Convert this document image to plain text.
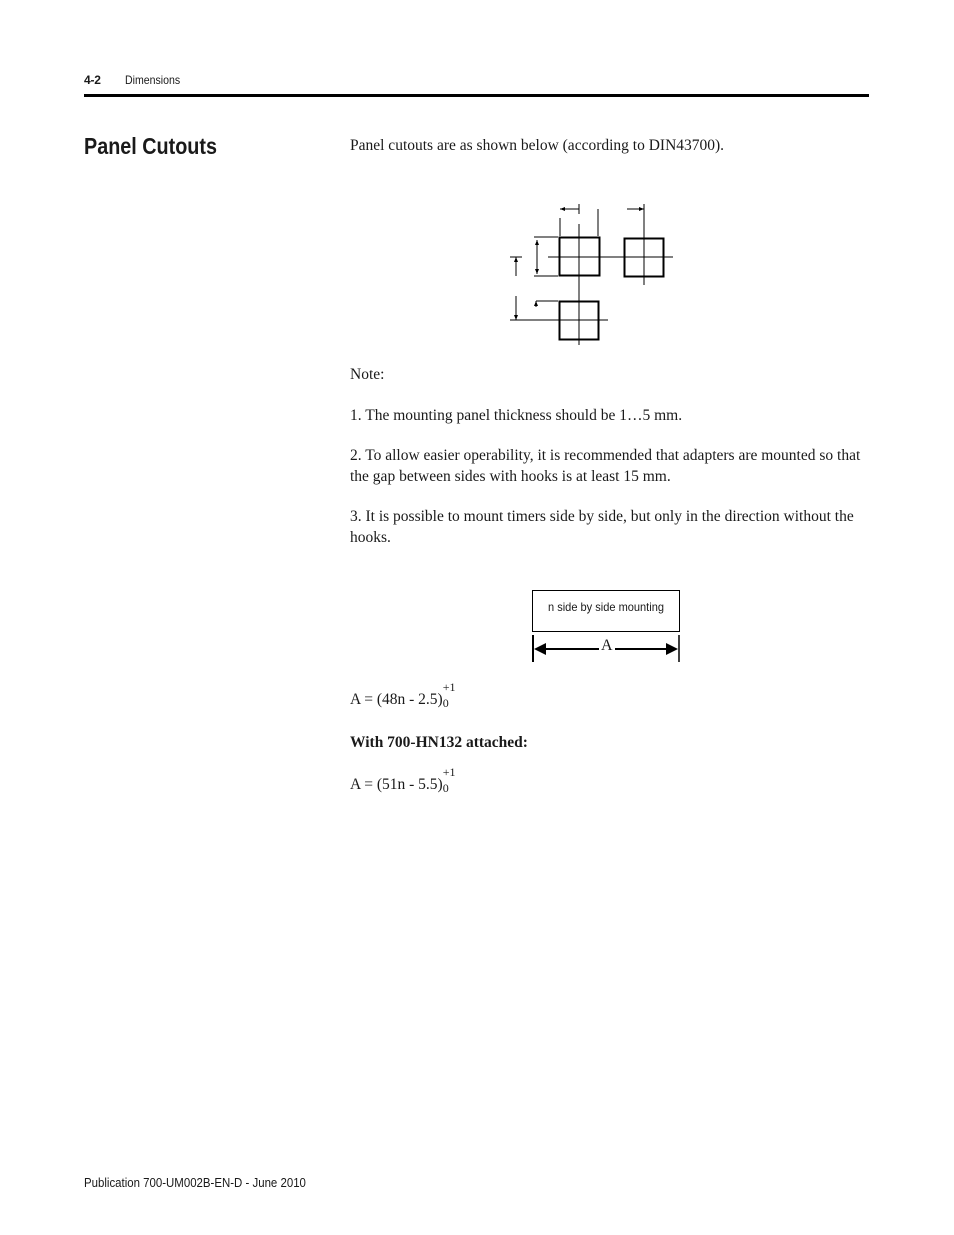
4-2 Dimensions
Panel Cutouts	Panel cutouts are as shown below (according to DIN43700).
Note:
1. The mounting panel thickness should be 1…5 mm.
2. To allow easier operability, it is recommended that adapters are mounted so that the gap between sides with hooks is at least 15 mm.
3. It is possible to mount timers side by side, but only in the direction without the hooks.
n side by side mounting
A
A = (48n - 2.5)
+1
0
With 700-HN132 attached:
A = (51n - 5.5)
+1
0
Publication 700-UM002B-EN-D - June 2010
